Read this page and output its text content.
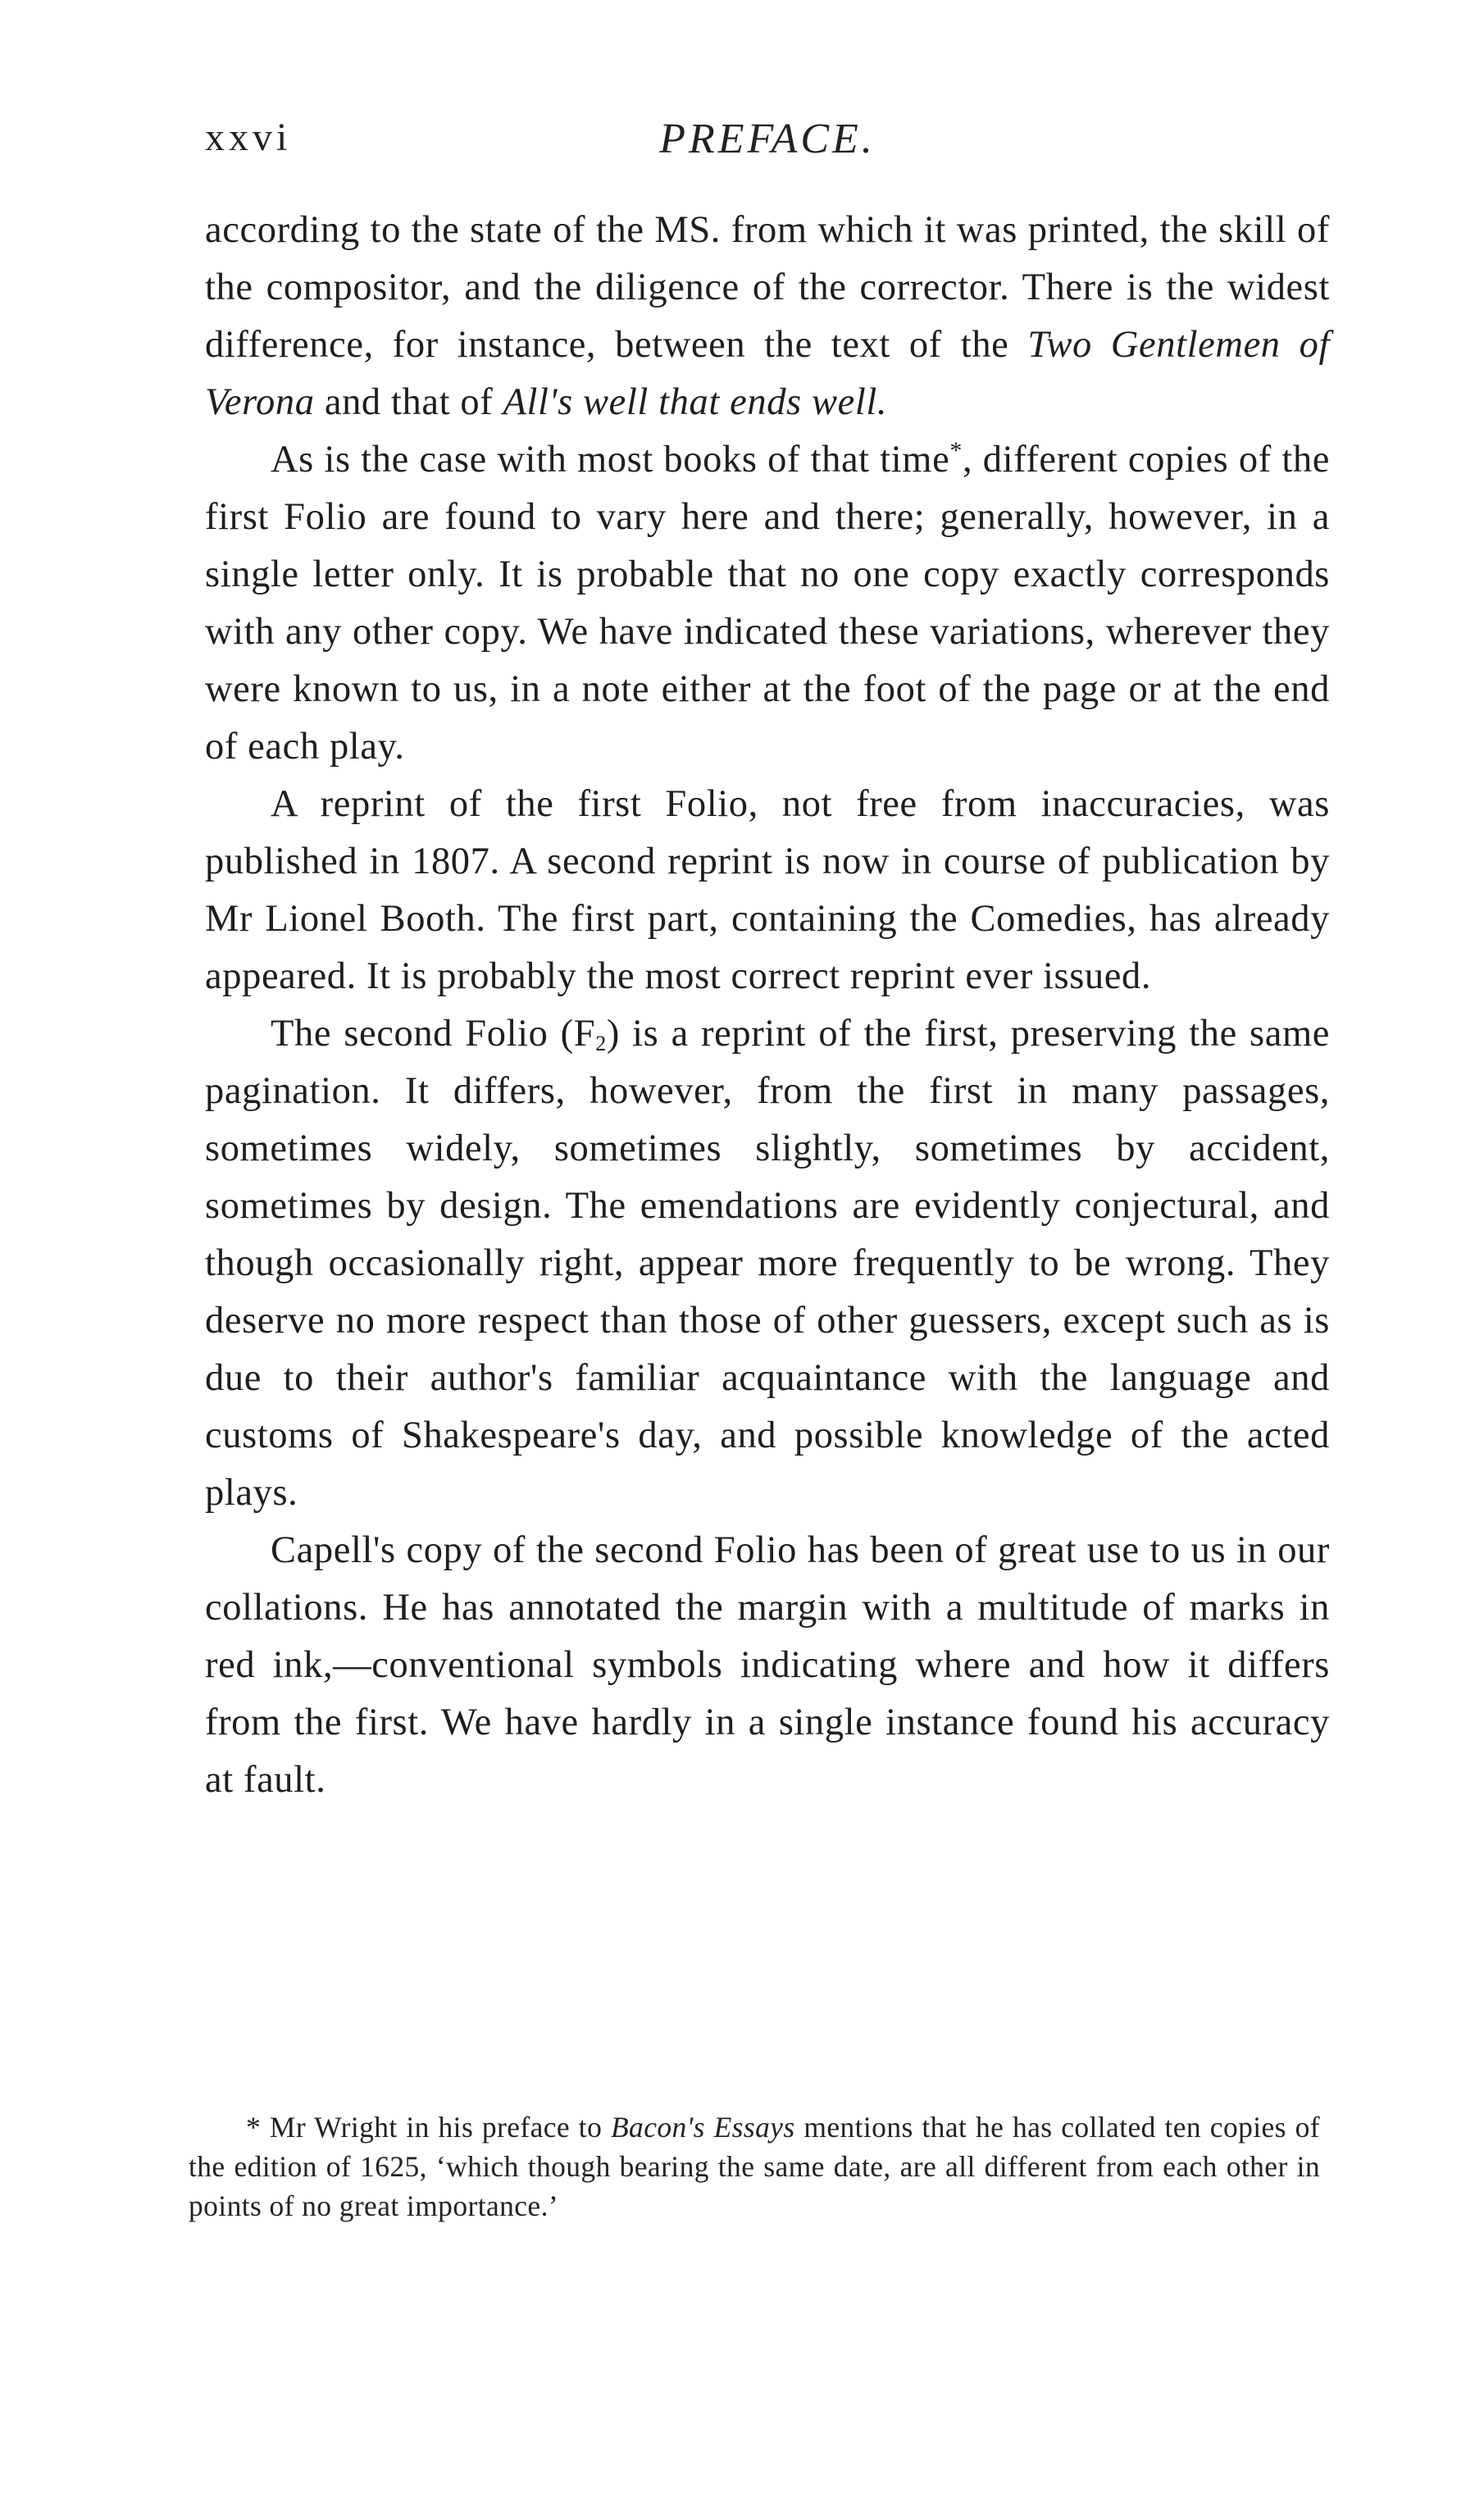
xxvi	PREFACE.

according to the state of the MS. from which it was printed, the skill of the compositor, and the diligence of the corrector. There is the widest difference, for instance, between the text of the Two Gentlemen of Verona and that of All's well that ends well.

As is the case with most books of that time*, different copies of the first Folio are found to vary here and there; generally, however, in a single letter only. It is probable that no one copy exactly corresponds with any other copy. We have indicated these variations, wherever they were known to us, in a note either at the foot of the page or at the end of each play.

A reprint of the first Folio, not free from inaccuracies, was published in 1807. A second reprint is now in course of publication by Mr Lionel Booth. The first part, containing the Comedies, has already appeared. It is probably the most correct reprint ever issued.

The second Folio $(F_2)$ is a reprint of the first, preserving the same pagination. It differs, however, from the first in many passages, sometimes widely, sometimes slightly, sometimes by accident, sometimes by design. The emendations are evidently conjectural, and though occasionally right, appear more frequently to be wrong. They deserve no more respect than those of other guessers, except such as is due to their author's familiar acquaintance with the language and customs of Shakespeare's day, and possible knowledge of the acted plays.

Capell's copy of the second Folio has been of great use to us in our collations. He has annotated the margin with a multitude of marks in red ink,—conventional symbols indicating where and how it differs from the first. We have hardly in a single instance found his accuracy at fault.

* Mr Wright in his preface to Bacon's Essays mentions that he has collated ten copies of the edition of 1625, ‘which though bearing the same date, are all different from each other in points of no great importance.’
